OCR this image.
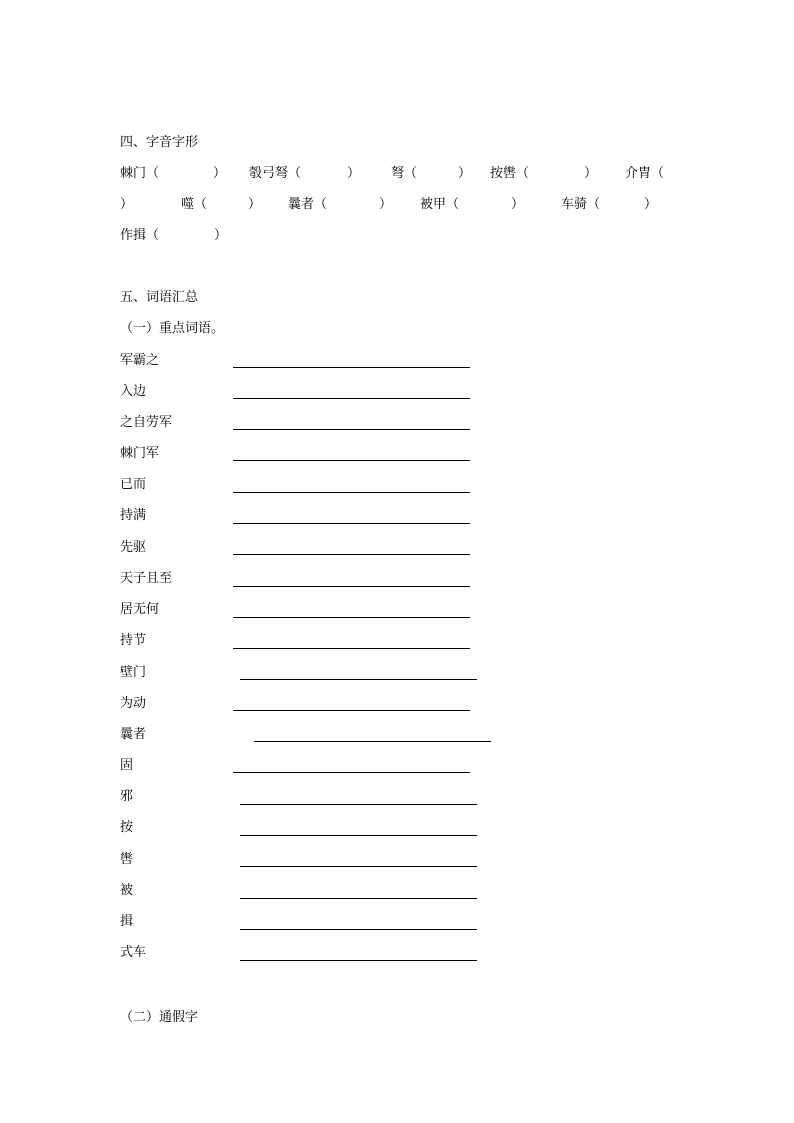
四、字音字形
棘门（	） 彀弓弩（	） 弩（	） 按辔（	） 介胄（
）	噬（	） 曩者（	） 被甲（	）	车骑（	）
作揖（	）
五、词语汇总
（一）重点词语。
军霸之
入边
之自劳军
棘门军
已而
持满
先驱
天子且至
居无何
持节
壁门
为动
曩者
固
邪
按
辔
被
揖
式车
（二）通假字
